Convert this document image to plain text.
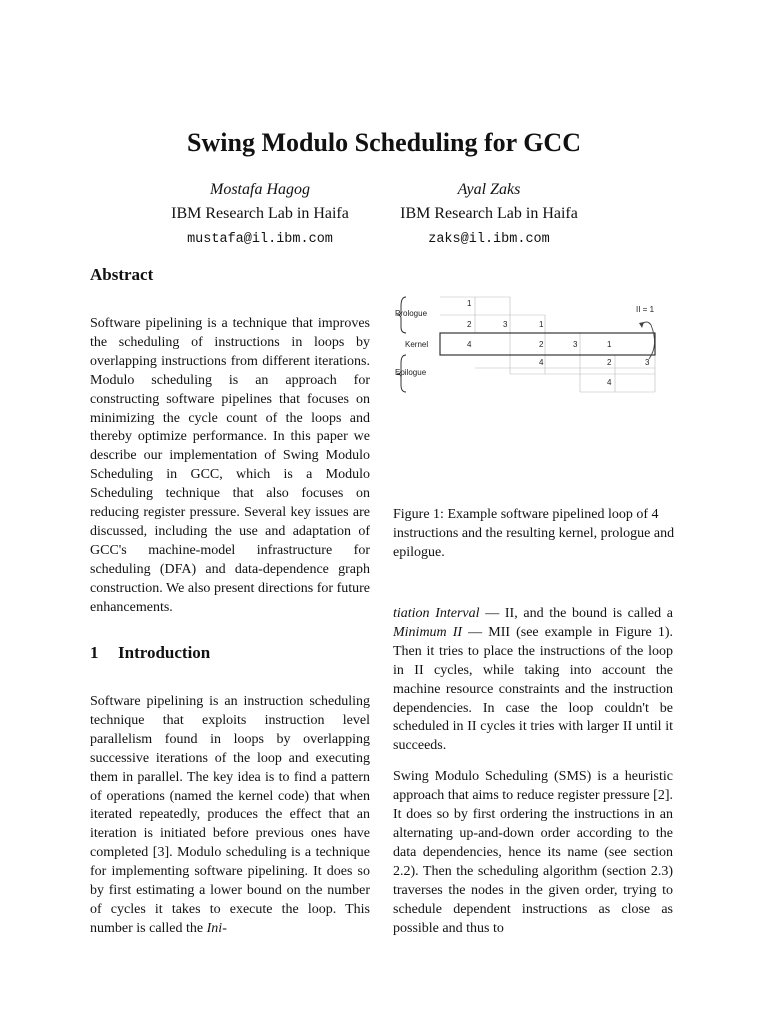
Swing Modulo Scheduling for GCC
Mostafa Hagog
IBM Research Lab in Haifa
mustafa@il.ibm.com
Ayal Zaks
IBM Research Lab in Haifa
zaks@il.ibm.com
Abstract

Software pipelining is a technique that improves the scheduling of instructions in loops by overlapping instructions from different iterations. Modulo scheduling is an approach for constructing software pipelines that focuses on minimizing the cycle count of the loops and thereby optimize performance. In this paper we describe our implementation of Swing Modulo Scheduling in GCC, which is a Modulo Scheduling technique that also focuses on reducing register pressure. Several key issues are discussed, including the use and adaptation of GCC's machine-model infrastructure for scheduling (DFA) and data-dependence graph construction. We also present directions for future enhancements.

1 Introduction

Software pipelining is an instruction scheduling technique that exploits instruction level parallelism found in loops by overlapping successive iterations of the loop and executing them in parallel. The key idea is to find a pattern of operations (named the kernel code) that when iterated repeatedly, produces the effect that an iteration is initiated before previous ones have completed [3]. Modulo scheduling is a technique for implementing software pipelining. It does so by first estimating a lower bound on the number of cycles it takes to execute the loop. This number is called the Ini-

Prologue
Kernel
Epilogue
II = 1
1
2	3	1
4	2	3	1
4	2	3
4
Figure 1: Example software pipelined loop of 4 instructions and the resulting kernel, prologue and epilogue.

tiation Interval — II, and the bound is called a Minimum II — MII (see example in Figure 1). Then it tries to place the instructions of the loop in II cycles, while taking into account the machine resource constraints and the instruction dependencies. In case the loop couldn't be scheduled in II cycles it tries with larger II until it succeeds.

Swing Modulo Scheduling (SMS) is a heuristic approach that aims to reduce register pressure [2]. It does so by first ordering the instructions in an alternating up-and-down order according to the data dependencies, hence its name (see section 2.2). Then the scheduling algorithm (section 2.3) traverses the nodes in the given order, trying to schedule dependent instructions as close as possible and thus to
